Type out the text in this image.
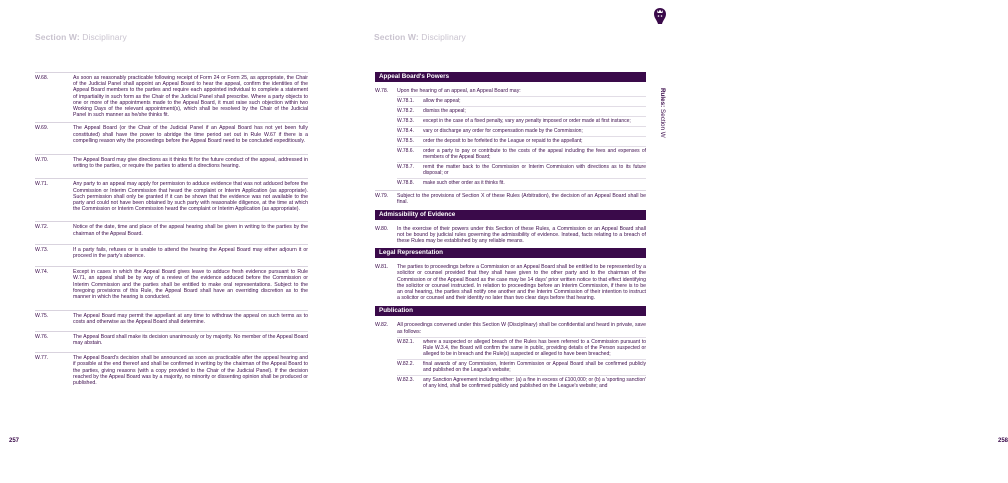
Section W: Disciplinary
W.68.	As soon as reasonably practicable following receipt of Form 24 or Form 25, as appropriate, the Chair of the Judicial Panel shall appoint an Appeal Board to hear the appeal, confirm the identities of the Appeal Board members to the parties and require each appointed individual to complete a statement of impartiality in such form as the Chair of the Judicial Panel shall prescribe. Where a party objects to one or more of the appointments made to the Appeal Board, it must raise such objection within two Working Days of the relevant appointment(s), which shall be resolved by the Chair of the Judicial Panel in such manner as he/she thinks fit.
W.69.	The Appeal Board (or the Chair of the Judicial Panel if an Appeal Board has not yet been fully constituted) shall have the power to abridge the time period set out in Rule W.67 if there is a compelling reason why the proceedings before the Appeal Board need to be concluded expeditiously.
W.70.	The Appeal Board may give directions as it thinks fit for the future conduct of the appeal, addressed in writing to the parties, or require the parties to attend a directions hearing.
W.71.	Any party to an appeal may apply for permission to adduce evidence that was not adduced before the Commission or Interim Commission that heard the complaint or Interim Application (as appropriate). Such permission shall only be granted if it can be shown that the evidence was not available to the party and could not have been obtained by such party with reasonable diligence, at the time at which the Commission or Interim Commission heard the complaint or Interim Application (as appropriate).
W.72.	Notice of the date, time and place of the appeal hearing shall be given in writing to the parties by the chairman of the Appeal Board.
W.73.	If a party fails, refuses or is unable to attend the hearing the Appeal Board may either adjourn it or proceed in the party's absence.
W.74.	Except in cases in which the Appeal Board gives leave to adduce fresh evidence pursuant to Rule W.71, an appeal shall be by way of a review of the evidence adduced before the Commission or Interim Commission and the parties shall be entitled to make oral representations. Subject to the foregoing provisions of this Rule, the Appeal Board shall have an overriding discretion as to the manner in which the hearing is conducted.
W.75.	The Appeal Board may permit the appellant at any time to withdraw the appeal on such terms as to costs and otherwise as the Appeal Board shall determine.
W.76.	The Appeal Board shall make its decision unanimously or by majority. No member of the Appeal Board may abstain.
W.77.	The Appeal Board's decision shall be announced as soon as practicable after the appeal hearing and if possible at the end thereof and shall be confirmed in writing by the chairman of the Appeal Board to the parties, giving reasons (with a copy provided to the Chair of the Judicial Panel). If the decision reached by the Appeal Board was by a majority, no minority or dissenting opinion shall be produced or published.
257
Section W: Disciplinary
258
Appeal Board's Powers
W.78.	Upon the hearing of an appeal, an Appeal Board may:
W.78.1.	allow the appeal;
W.78.2.	dismiss the appeal;
W.78.3.	except in the case of a fixed penalty, vary any penalty imposed or order made at first instance;
W.78.4.	vary or discharge any order for compensation made by the Commission;
W.78.5.	order the deposit to be forfeited to the League or repaid to the appellant;
W.78.6.	order a party to pay or contribute to the costs of the appeal including the fees and expenses of members of the Appeal Board;
W.78.7.	remit the matter back to the Commission or Interim Commission with directions as to its future disposal; or
W.78.8.	make such other order as it thinks fit.
W.79.	Subject to the provisions of Section X of these Rules (Arbitration), the decision of an Appeal Board shall be final.
Admissibility of Evidence
W.80.	In the exercise of their powers under this Section of these Rules, a Commission or an Appeal Board shall not be bound by judicial rules governing the admissibility of evidence. Instead, facts relating to a breach of these Rules may be established by any reliable means.
Legal Representation
W.81.	The parties to proceedings before a Commission or an Appeal Board shall be entitled to be represented by a solicitor or counsel provided that they shall have given to the other party and to the chairman of the Commission or of the Appeal Board as the case may be 14 days' prior written notice to that effect identifying the solicitor or counsel instructed. In relation to proceedings before an Interim Commission, if there is to be an oral hearing, the parties shall notify one another and the Interim Commission of their intention to instruct a solicitor or counsel and their identity no later than two clear days before that hearing.
Publication
W.82.	All proceedings convened under this Section W (Disciplinary) shall be confidential and heard in private, save as follows:
W.82.1.	where a suspected or alleged breach of the Rules has been referred to a Commission pursuant to Rule W.3.4, the Board will confirm the same in public, providing details of the Person suspected or alleged to be in breach and the Rule(s) suspected or alleged to have been breached;
W.82.2.	final awards of any Commission, Interim Commission or Appeal Board shall be confirmed publicly and published on the League's website;
W.82.3.	any Sanction Agreement including either: (a) a fine in excess of £100,000; or (b) a 'sporting sanction' of any kind, shall be confirmed publicly and published on the League's website; and
Rules: Section W
